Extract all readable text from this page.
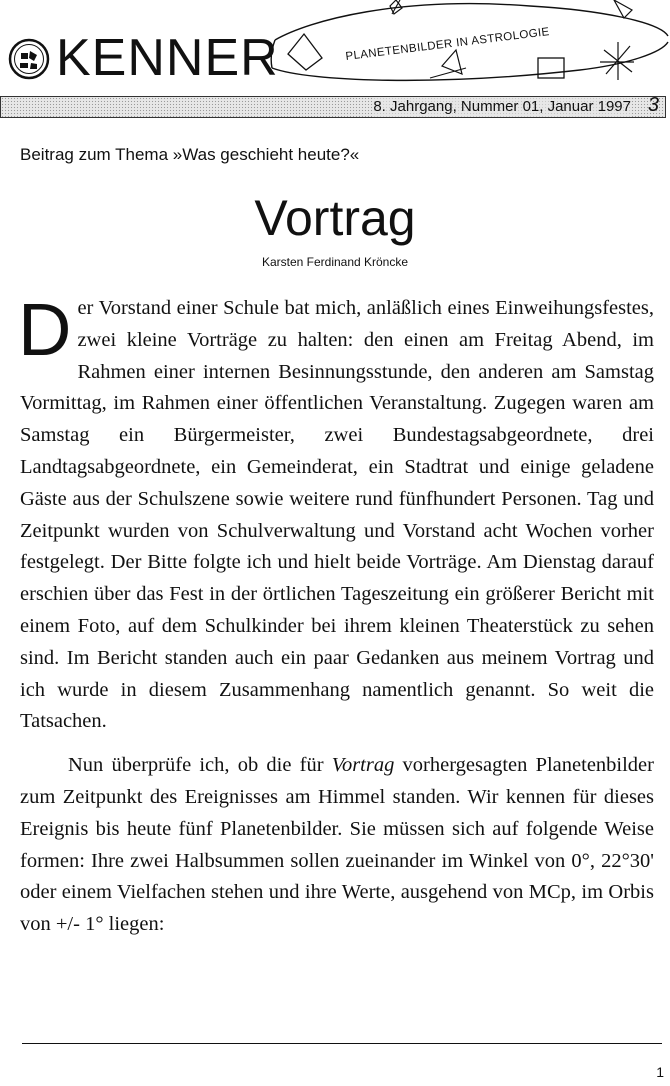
KENNER	PLANETENBILDER IN ASTROLOGIE
8. Jahrgang, Nummer 01, Januar 1997 3
Beitrag zum Thema »Was geschieht heute?«
Vortrag
Karsten Ferdinand Kröncke

Der Vorstand einer Schule bat mich, anläßlich eines Einweihungsfestes, zwei kleine Vorträge zu halten: den einen am Freitag Abend, im Rahmen einer internen Besinnungsstunde, den anderen am Samstag Vormittag, im Rahmen einer öffentlichen Veranstaltung. Zugegen waren am Samstag ein Bürgermeister, zwei Bundestagsabgeordnete, drei Landtagsabgeordnete, ein Gemeinderat, ein Stadtrat und einige geladene Gäste aus der Schulszene sowie weitere rund fünfhundert Personen. Tag und Zeitpunkt wurden von Schulverwaltung und Vorstand acht Wochen vorher festgelegt. Der Bitte folgte ich und hielt beide Vorträge. Am Dienstag darauf erschien über das Fest in der örtlichen Tageszeitung ein größerer Bericht mit einem Foto, auf dem Schulkinder bei ihrem kleinen Theaterstück zu sehen sind. Im Bericht standen auch ein paar Gedanken aus meinem Vortrag und ich wurde in diesem Zusammenhang namentlich genannt. So weit die Tatsachen.

Nun überprüfe ich, ob die für Vortrag vorhergesagten Planetenbilder zum Zeitpunkt des Ereignisses am Himmel standen. Wir kennen für dieses Ereignis bis heute fünf Planetenbilder. Sie müssen sich auf folgende Weise formen: Ihre zwei Halbsummen sollen zueinander im Winkel von 0°, 22°30' oder einem Vielfachen stehen und ihre Werte, ausgehend von MCp, im Orbis von +/- 1° liegen:

1
